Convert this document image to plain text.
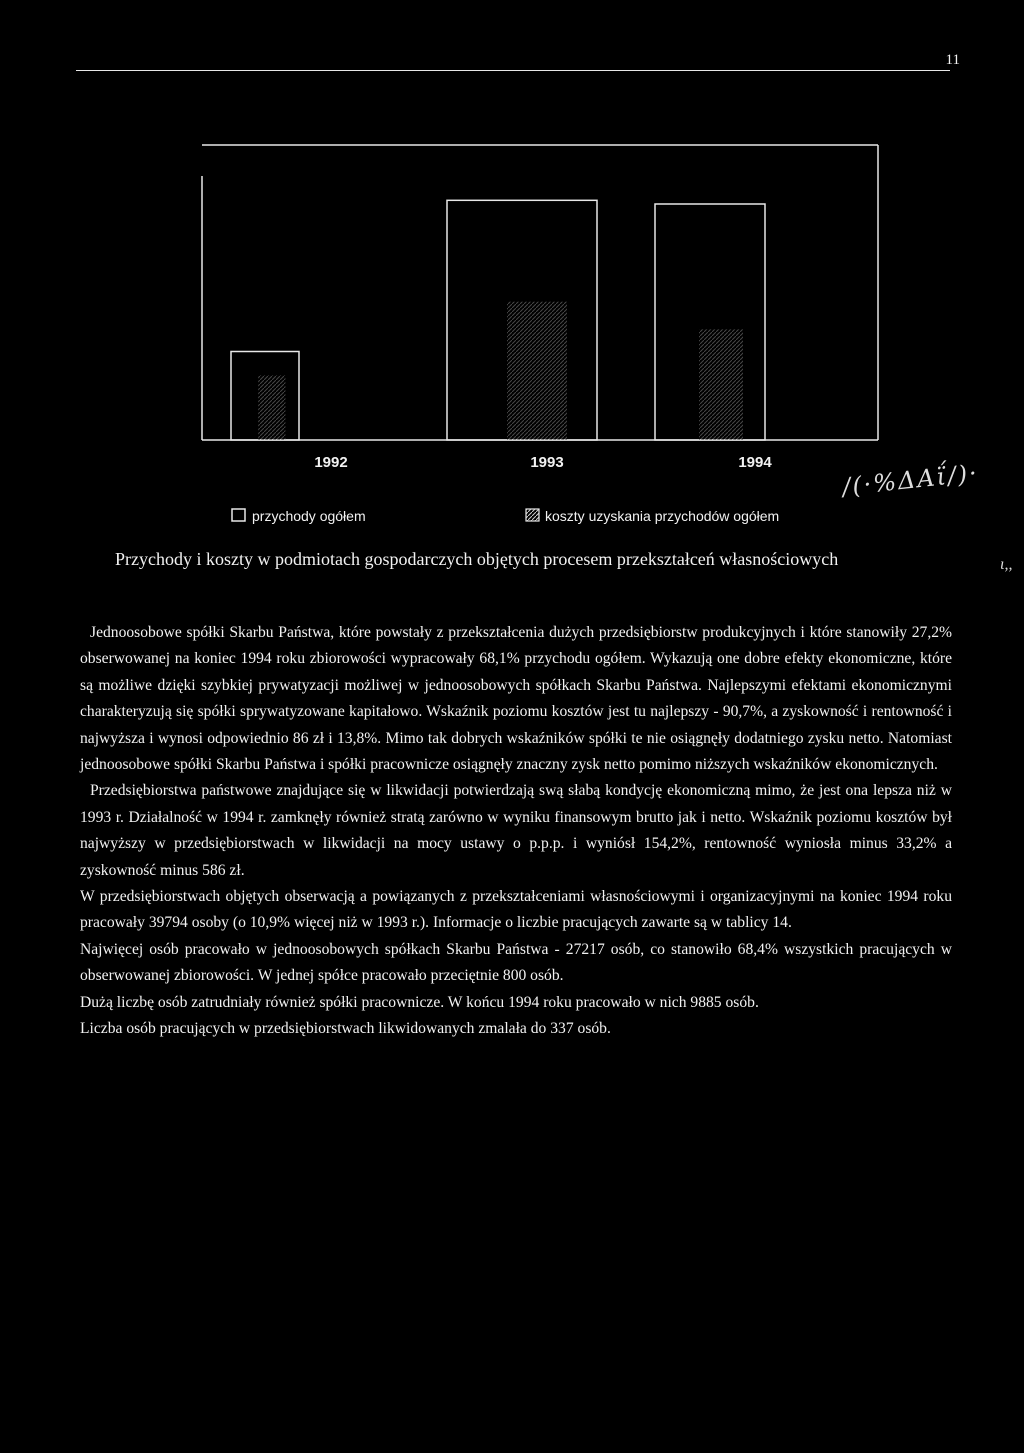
11
1992	1993	1994
przychody ogółem	koszty uzyskania przychodów ogółem
/(·%ΔΑΐ/)·
ι,,
Przychody i koszty w podmiotach gospodarczych objętych procesem przekształceń własnościowych

Jednoosobowe spółki Skarbu Państwa, które powstały z przekształcenia dużych przedsiębiorstw produkcyjnych i które stanowiły 27,2% obserwowanej na koniec 1994 roku zbiorowości wypracowały 68,1% przychodu ogółem. Wykazują one dobre efekty ekonomiczne, które są możliwe dzięki szybkiej prywatyzacji możliwej w jednoosobowych spółkach Skarbu Państwa. Najlepszymi efektami ekonomicznymi charakteryzują się spółki sprywatyzowane kapitałowo. Wskaźnik poziomu kosztów jest tu najlepszy - 90,7%, a zyskowność i rentowność i najwyższa i wynosi odpowiednio 86 zł i 13,8%. Mimo tak dobrych wskaźników spółki te nie osiągnęły dodatniego zysku netto. Natomiast jednoosobowe spółki Skarbu Państwa i spółki pracownicze osiągnęły znaczny zysk netto pomimo niższych wskaźników ekonomicznych.

Przedsiębiorstwa państwowe znajdujące się w likwidacji potwierdzają swą słabą kondycję ekonomiczną mimo, że jest ona lepsza niż w 1993 r. Działalność w 1994 r. zamknęły również stratą zarówno w wyniku finansowym brutto jak i netto. Wskaźnik poziomu kosztów był najwyższy w przedsiębiorstwach w likwidacji na mocy ustawy o p.p.p. i wyniósł 154,2%, rentowność wyniosła minus 33,2% a zyskowność minus 586 zł.

W przedsiębiorstwach objętych obserwacją a powiązanych z przekształceniami własnościowymi i organizacyjnymi na koniec 1994 roku pracowały 39794 osoby (o 10,9% więcej niż w 1993 r.). Informacje o liczbie pracujących zawarte są w tablicy 14.

Najwięcej osób pracowało w jednoosobowych spółkach Skarbu Państwa - 27217 osób, co stanowiło 68,4% wszystkich pracujących w obserwowanej zbiorowości. W jednej spółce pracowało przeciętnie 800 osób.

Dużą liczbę osób zatrudniały również spółki pracownicze. W końcu 1994 roku pracowało w nich 9885 osób.

Liczba osób pracujących w przedsiębiorstwach likwidowanych zmalała do 337 osób.
